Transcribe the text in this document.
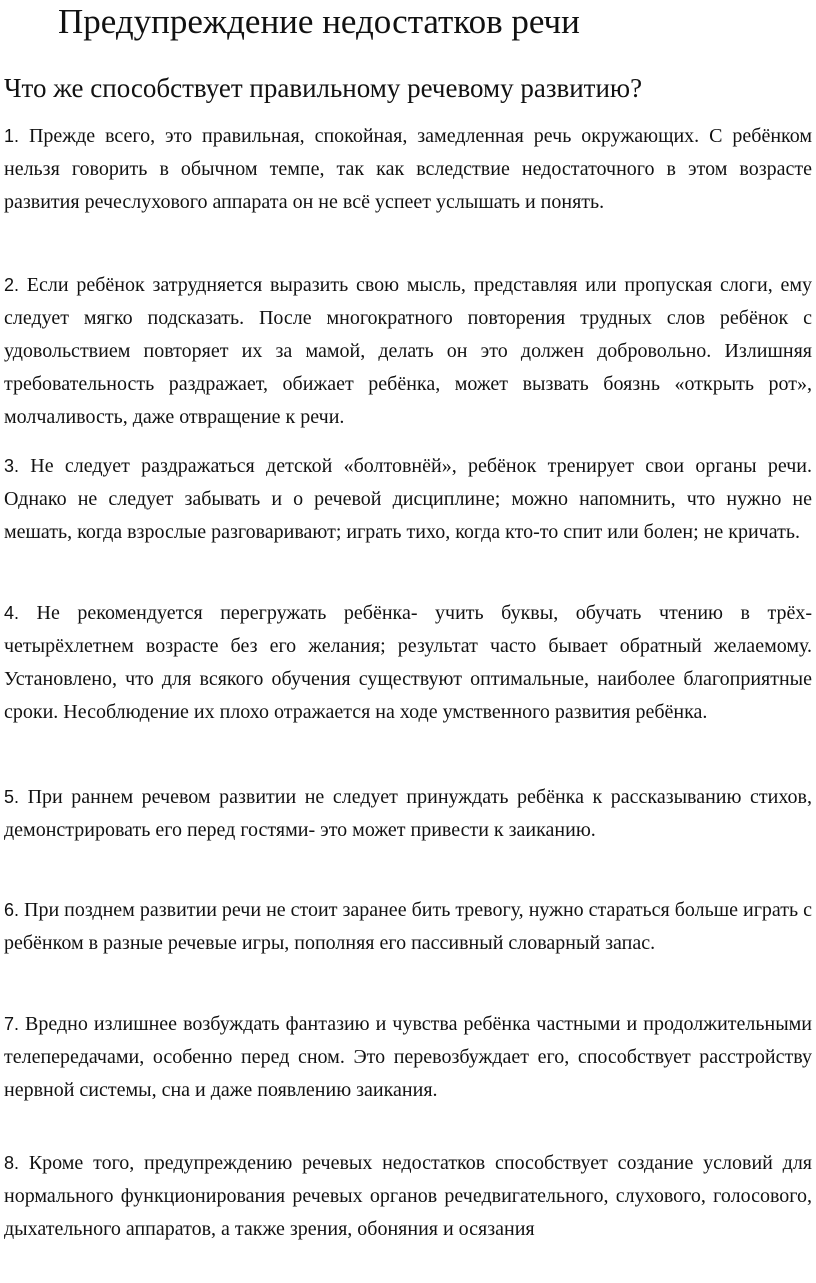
Предупреждение недостатков речи
Что же способствует правильному речевому развитию?

1. Прежде всего, это правильная, спокойная, замедленная речь окружающих. С ребёнком нельзя говорить в обычном темпе, так как вследствие недостаточного в этом возрасте развития речеслухового аппарата он не всё успеет услышать и понять.

2. Если ребёнок затрудняется выразить свою мысль, представляя или пропуская слоги, ему следует мягко подсказать. После многократного повторения трудных слов ребёнок с удовольствием повторяет их за мамой, делать он это должен добровольно. Излишняя требовательность раздражает, обижает ребёнка, может вызвать боязнь «открыть рот», молчаливость, даже отвращение к речи.

3. Не следует раздражаться детской «болтовнёй», ребёнок тренирует свои органы речи. Однако не следует забывать и о речевой дисциплине; можно напомнить, что нужно не мешать, когда взрослые разговаривают; играть тихо, когда кто-то спит или болен; не кричать.

4. Не рекомендуется перегружать ребёнка- учить буквы, обучать чтению в трёх- четырёхлетнем возрасте без его желания; результат часто бывает обратный желаемому. Установлено, что для всякого обучения существуют оптимальные, наиболее благоприятные сроки. Несоблюдение их плохо отражается на ходе умственного развития ребёнка.

5. При раннем речевом развитии не следует принуждать ребёнка к рассказыванию стихов, демонстрировать его перед гостями- это может привести к заиканию.

6. При позднем развитии речи не стоит заранее бить тревогу, нужно стараться больше играть с ребёнком в разные речевые игры, пополняя его пассивный словарный запас.

7. Вредно излишнее возбуждать фантазию и чувства ребёнка частными и продолжительными телепередачами, особенно перед сном. Это перевозбуждает его, способствует расстройству нервной системы, сна и даже появлению заикания.

8. Кроме того, предупреждению речевых недостатков способствует создание условий для нормального функционирования речевых органов речедвигательного, слухового, голосового, дыхательного аппаратов, а также зрения, обоняния и осязания
